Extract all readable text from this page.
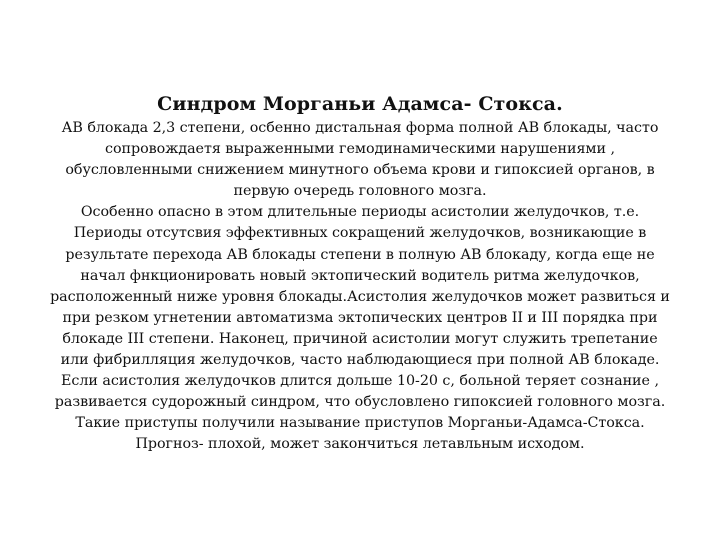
Синдром Морганьи Адамса- Стокса.
АВ блокада 2,3 степени, осбенно дистальная форма полной АВ блокады, часто
сопровождаетя выраженными гемодинамическими нарушениями ,
обусловленными снижением минутного объема крови и гипоксией органов, в
первую очередь головного мозга.
Особенно опасно в этом длительные периоды асистолии желудочков, т.е.
Периоды отсутсвия эффективных сокращений желудочков, возникающие в
результате перехода АВ блокады степени в полную АВ блокаду, когда еще не
начал фнкционировать новый эктопический водитель ритма желудочков,
расположенный ниже уровня блокады.Асистолия желудочков может развиться и
при резком угнетении автоматизма эктопических центров II и III порядка при
блокаде III степени. Наконец, причиной асистолии могут служить трепетание
или фибрилляция желудочков, часто наблюдающиеся при полной АВ блокаде.
Если асистолия желудочков длится дольше 10-20 с, больной теряет сознание ,
развивается судорожный синдром, что обусловлено гипоксией головного мозга.
Такие приступы получили называние приступов Морганьи-Адамса-Стокса.
Прогноз- плохой, может закончиться летавльным исходом.
